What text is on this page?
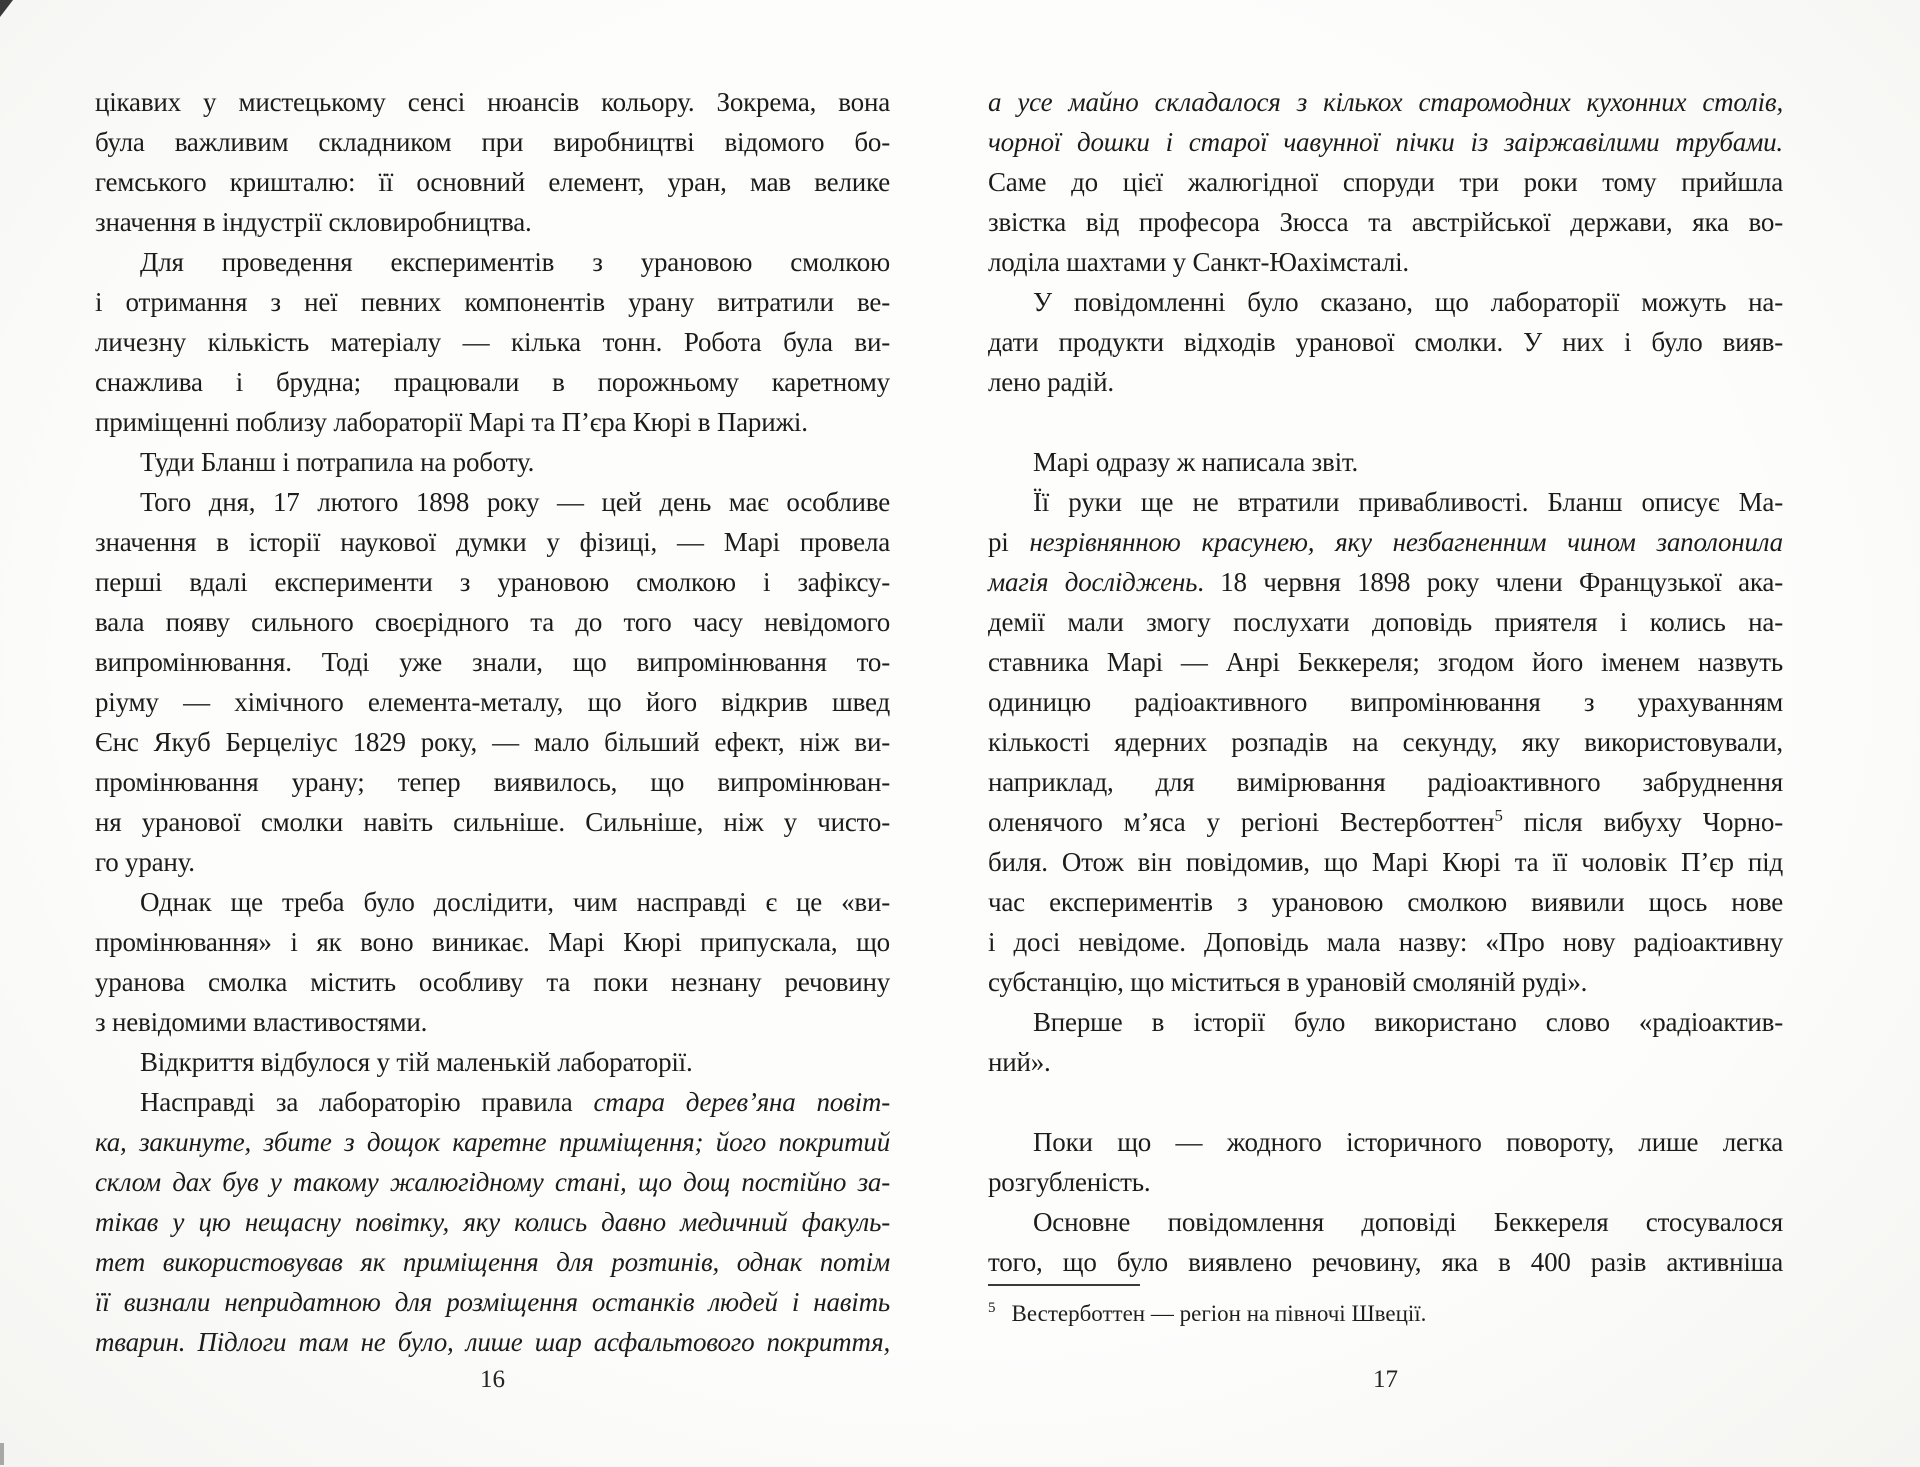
цікавих у мистецькому сенсі нюансів кольору. Зокрема, вона
була важливим складником при виробництві відомого бо-
гемського кришталю: її основний елемент, уран, мав велике
значення в індустрії скловиробництва.
Для проведення експериментів з урановою смолкою
і отримання з неї певних компонентів урану витратили ве-
личезну кількість матеріалу — кілька тонн. Робота була ви-
снажлива і брудна; працювали в порожньому каретному
приміщенні поблизу лабораторії Марі та П’єра Кюрі в Парижі.
Туди Бланш і потрапила на роботу.
Того дня, 17 лютого 1898 року — цей день має особливе
значення в історії наукової думки у фізиці, — Марі провела
перші вдалі експерименти з урановою смолкою і зафіксу-
вала появу сильного своєрідного та до того часу невідомого
випромінювання. Тоді уже знали, що випромінювання то-
ріуму — хімічного елемента-металу, що його відкрив швед
Єнс Якуб Берцеліус 1829 року, — мало більший ефект, ніж ви-
промінювання урану; тепер виявилось, що випромінюван-
ня уранової смолки навіть сильніше. Сильніше, ніж у чисто-
го урану.
Однак ще треба було дослідити, чим насправді є це «ви-
промінювання» і як воно виникає. Марі Кюрі припускала, що
уранова смолка містить особливу та поки незнану речовину
з невідомими властивостями.
Відкриття відбулося у тій маленькій лабораторії.
Насправді за лабораторію правила стара дерев’яна повіт-
ка, закинуте, збите з дощок каретне приміщення; його покритий
склом дах був у такому жалюгідному стані, що дощ постійно за-
тікав у цю нещасну повітку, яку колись давно медичний факуль-
тет використовував як приміщення для розтинів, однак потім
її визнали непридатною для розміщення останків людей і навіть
тварин. Підлоги там не було, лише шар асфальтового покриття,
16
а усе майно складалося з кількох старомодних кухонних столів,
чорної дошки і старої чавунної пічки із заіржавілими трубами.
Саме до цієї жалюгідної споруди три роки тому прийшла
звістка від професора Зюсса та австрійської держави, яка во-
лоділа шахтами у Санкт-Юахімсталі.
У повідомленні було сказано, що лабораторії можуть на-
дати продукти відходів уранової смолки. У них і було вияв-
лено радій.
Марі одразу ж написала звіт.
Її руки ще не втратили привабливості. Бланш описує Ма-
рі незрівнянною красунею, яку незбагненним чином заполонила
магія досліджень. 18 червня 1898 року члени Французької ака-
демії мали змогу послухати доповідь приятеля і колись на-
ставника Марі — Анрі Беккереля; згодом його іменем назвуть
одиницю радіоактивного випромінювання з урахуванням
кількості ядерних розпадів на секунду, яку використовували,
наприклад, для вимірювання радіоактивного забруднення
оленячого м’яса у регіоні Вестерботтен$^5$ після вибуху Чорно-
биля. Отож він повідомив, що Марі Кюрі та її чоловік П’єр під
час експериментів з урановою смолкою виявили щось нове
і досі невідоме. Доповідь мала назву: «Про нову радіоактивну
субстанцію, що міститься в урановій смоляній руді».
Вперше в історії було використано слово «радіоактив-
ний».
Поки що — жодного історичного повороту, лише легка
розгубленість.
Основне повідомлення доповіді Беккереля стосувалося
того, що було виявлено речовину, яка в 400 разів активніша
$^5$ Вестерботтен — регіон на півночі Швеції.
17
